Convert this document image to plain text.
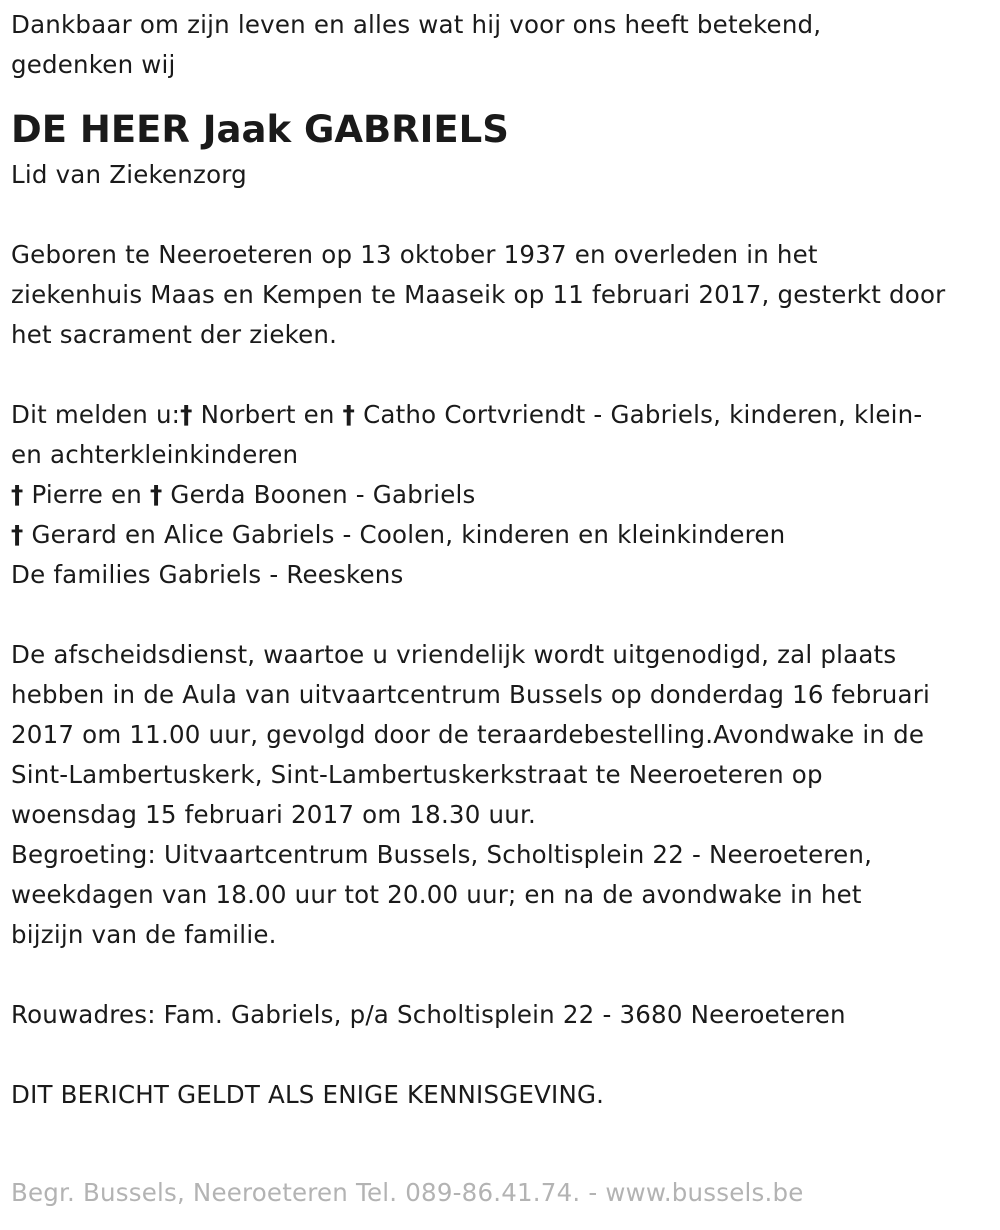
Dankbaar om zijn leven en alles wat hij voor ons heeft betekend,
gedenken wij
DE HEER Jaak GABRIELS
Lid van Ziekenzorg
Geboren te Neeroeteren op 13 oktober 1937 en overleden in het
ziekenhuis Maas en Kempen te Maaseik op 11 februari 2017, gesterkt door
het sacrament der zieken.
Dit melden u:† Norbert en † Catho Cortvriendt - Gabriels, kinderen, klein-
en achterkleinkinderen
† Pierre en † Gerda Boonen - Gabriels
† Gerard en Alice Gabriels - Coolen, kinderen en kleinkinderen
De families Gabriels - Reeskens
De afscheidsdienst, waartoe u vriendelijk wordt uitgenodigd, zal plaats
hebben in de Aula van uitvaartcentrum Bussels op donderdag 16 februari
2017 om 11.00 uur, gevolgd door de teraardebestelling.Avondwake in de
Sint-Lambertuskerk, Sint-Lambertuskerkstraat te Neeroeteren op
woensdag 15 februari 2017 om 18.30 uur.
Begroeting: Uitvaartcentrum Bussels, Scholtisplein 22 - Neeroeteren,
weekdagen van 18.00 uur tot 20.00 uur; en na de avondwake in het
bijzijn van de familie.
Rouwadres: Fam. Gabriels, p/a Scholtisplein 22 - 3680 Neeroeteren
DIT BERICHT GELDT ALS ENIGE KENNISGEVING.
Begr. Bussels, Neeroeteren Tel. 089-86.41.74. - www.bussels.be
